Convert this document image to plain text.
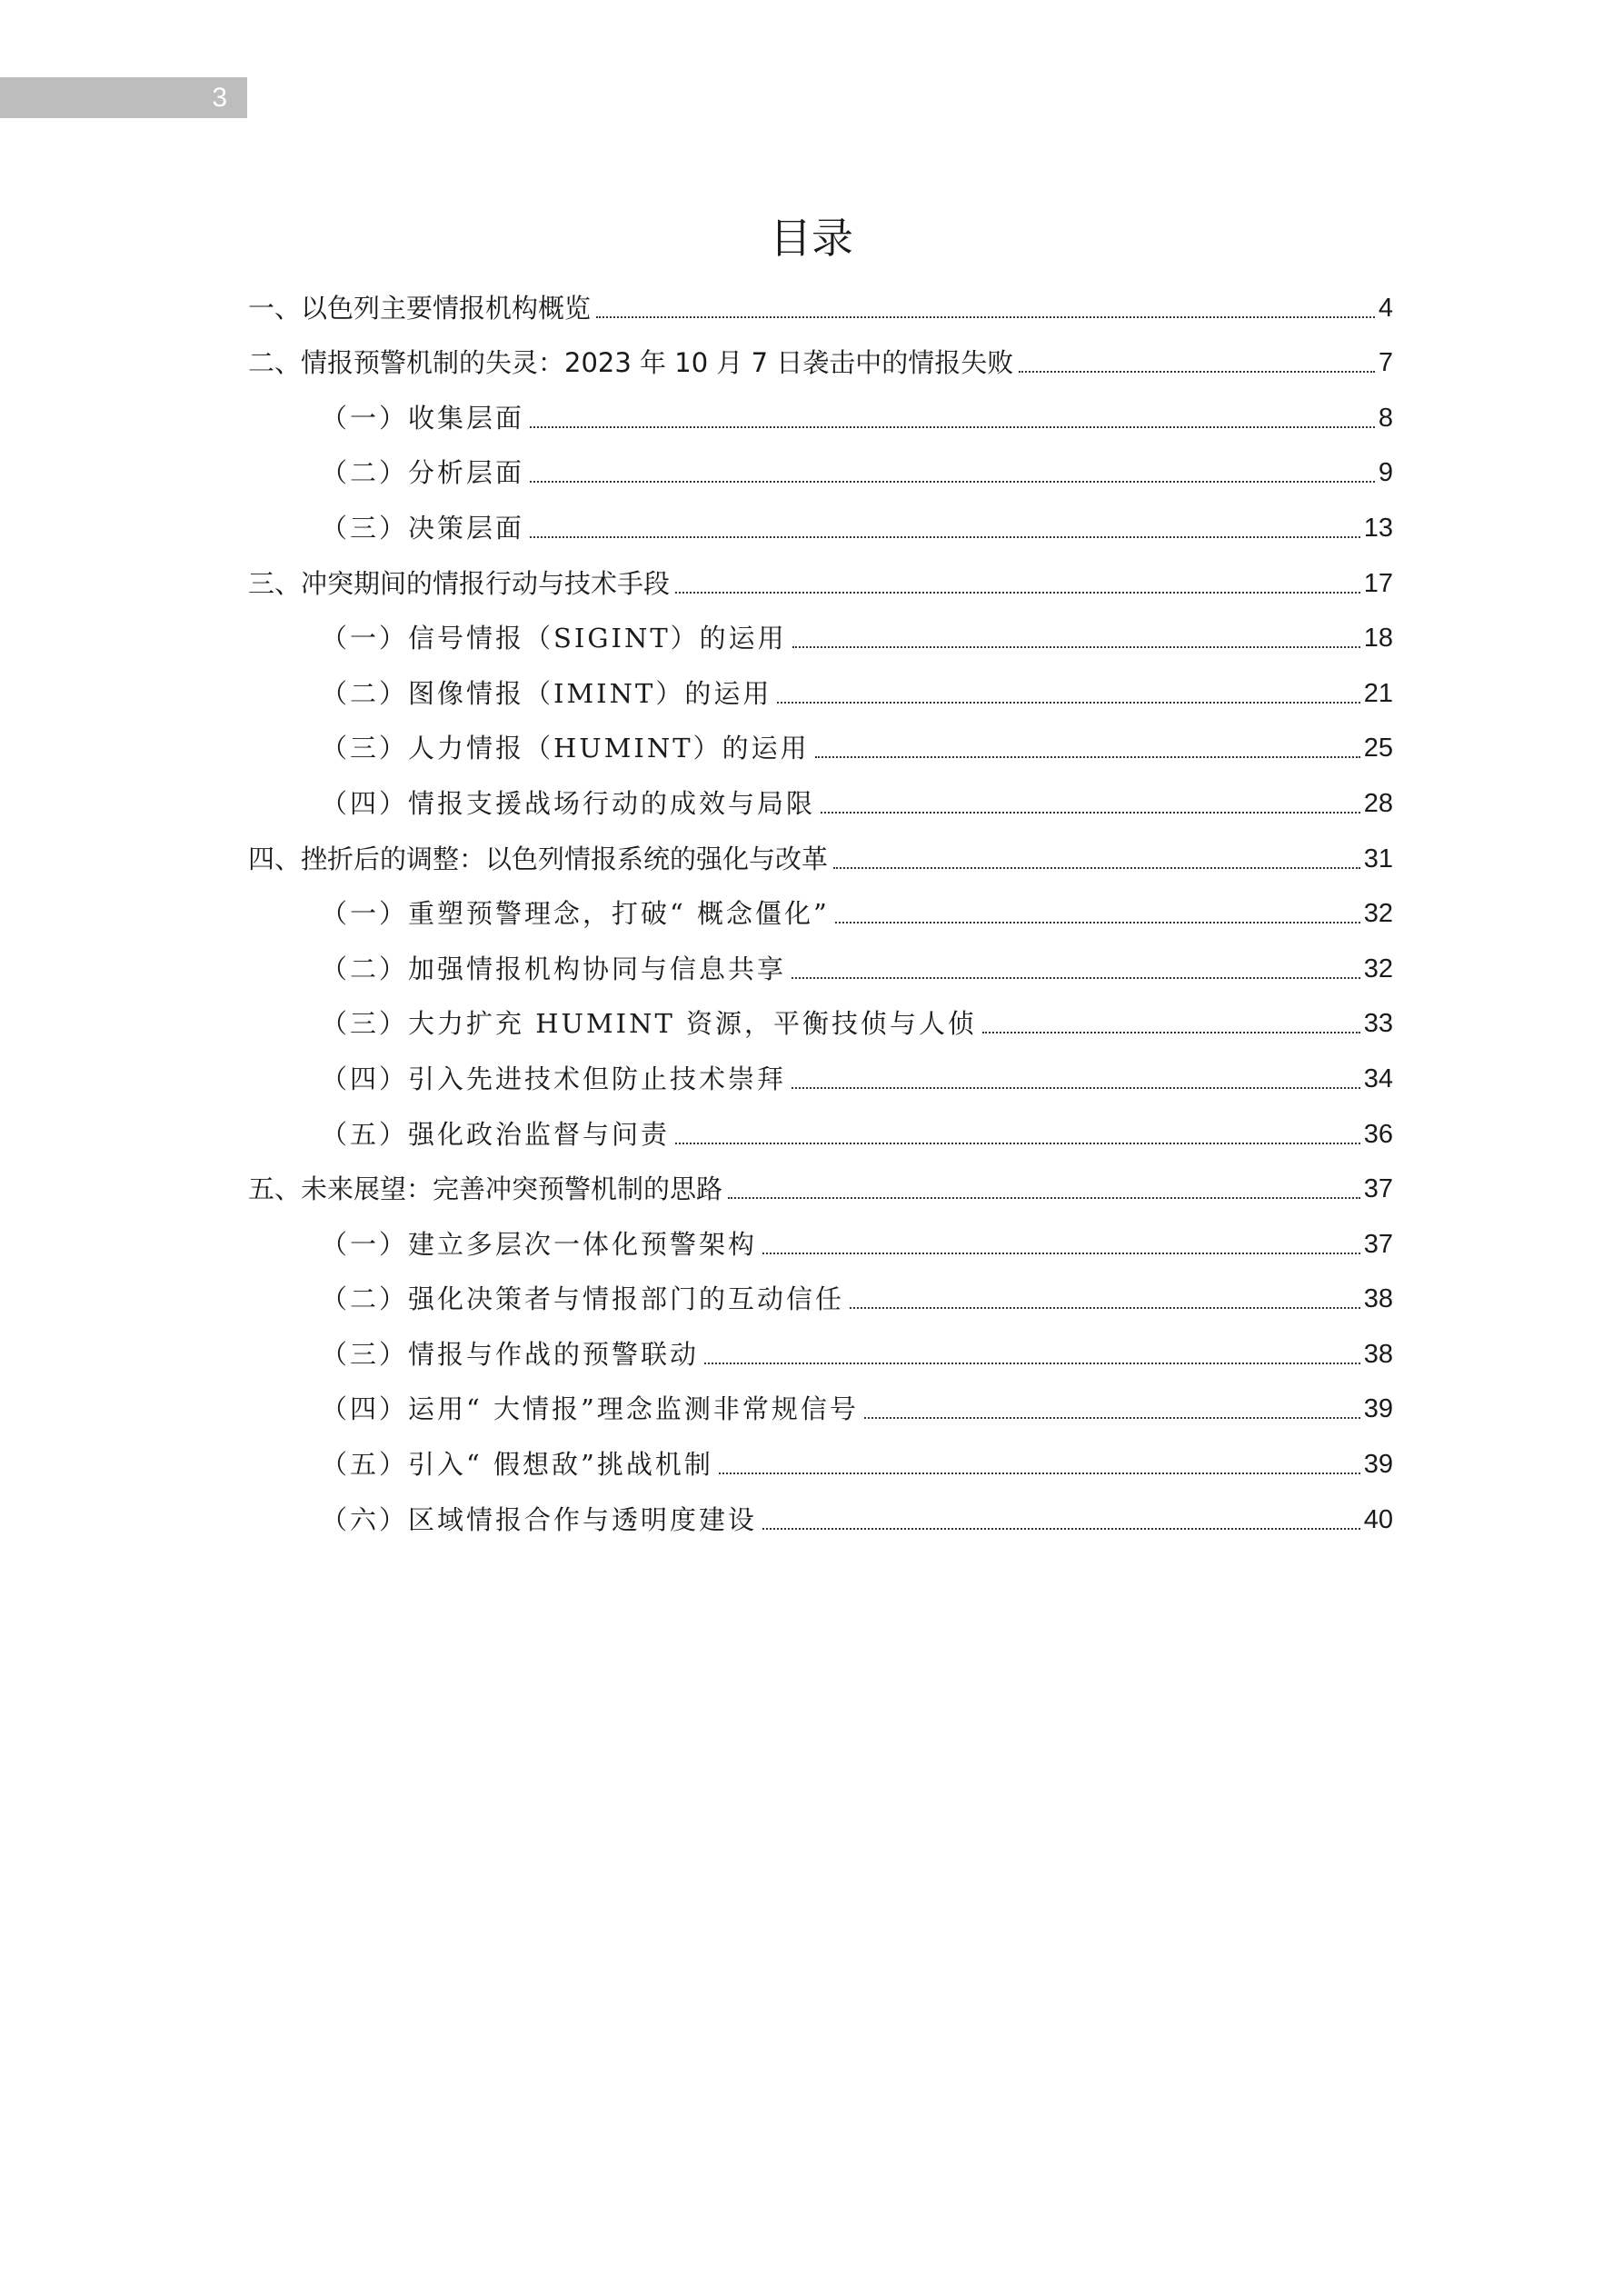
3
目录
一、以色列主要情报机构概览	4
二、情报预警机制的失灵：2023 年 10 月 7 日袭击中的情报失败	7
（一）收集层面	8
（二）分析层面	9
（三）决策层面	13
三、冲突期间的情报行动与技术手段	17
（一）信号情报（SIGINT）的运用	18
（二）图像情报（IMINT）的运用	21
（三）人力情报（HUMINT）的运用	25
（四）情报支援战场行动的成效与局限	28
四、挫折后的调整：以色列情报系统的强化与改革	31
（一）重塑预警理念，打破“ 概念僵化”	32
（二）加强情报机构协同与信息共享	32
（三）大力扩充 HUMINT 资源，平衡技侦与人侦	33
（四）引入先进技术但防止技术崇拜	34
（五）强化政治监督与问责	36
五、未来展望：完善冲突预警机制的思路	37
（一）建立多层次一体化预警架构	37
（二）强化决策者与情报部门的互动信任	38
（三）情报与作战的预警联动	38
（四）运用“ 大情报”理念监测非常规信号	39
（五）引入“ 假想敌”挑战机制	39
（六）区域情报合作与透明度建设	40
